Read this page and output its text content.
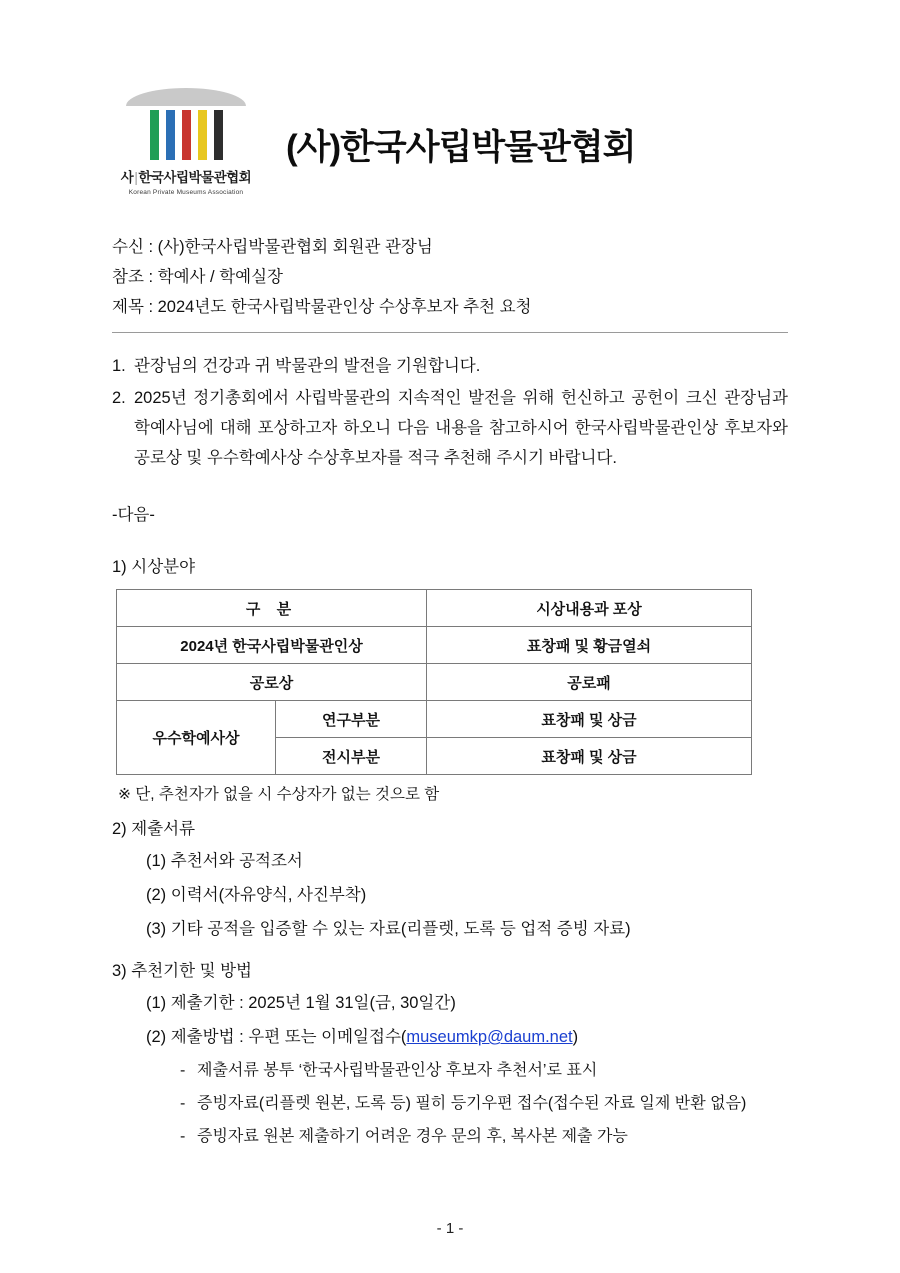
사|한국사립박물관협회
Korean Private Museums Association
(사)한국사립박물관협회
수신 : (사)한국사립박물관협회 회원관 관장님
참조 : 학예사 / 학예실장
제목 : 2024년도 한국사립박물관인상 수상후보자 추천 요청
1. 관장님의 건강과 귀 박물관의 발전을 기원합니다.
2. 2025년 정기총회에서 사립박물관의 지속적인 발전을 위해 헌신하고 공헌이 크신 관장님과 학예사님에 대해 포상하고자 하오니 다음 내용을 참고하시어 한국사립박물관인상 후보자와 공로상 및 우수학예사상 수상후보자를 적극 추천해 주시기 바랍니다.
-다음-
1) 시상분야
구 분		시상내용과 포상
2024년 한국사립박물관인상		표창패 및 황금열쇠
공로상		공로패
우수학예사상	연구부분	표창패 및 상금
	전시부분	표창패 및 상금
※ 단, 추천자가 없을 시 수상자가 없는 것으로 함
2) 제출서류
(1) 추천서와 공적조서
(2) 이력서(자유양식, 사진부착)
(3) 기타 공적을 입증할 수 있는 자료(리플렛, 도록 등 업적 증빙 자료)
3) 추천기한 및 방법
(1) 제출기한 : 2025년 1월 31일(금, 30일간)
(2) 제출방법 : 우편 또는 이메일접수(museumkp@daum.net)
- 제출서류 봉투 ‘한국사립박물관인상 후보자 추천서’로 표시
- 증빙자료(리플렛 원본, 도록 등) 필히 등기우편 접수(접수된 자료 일제 반환 없음)
- 증빙자료 원본 제출하기 어려운 경우 문의 후, 복사본 제출 가능
- 1 -
